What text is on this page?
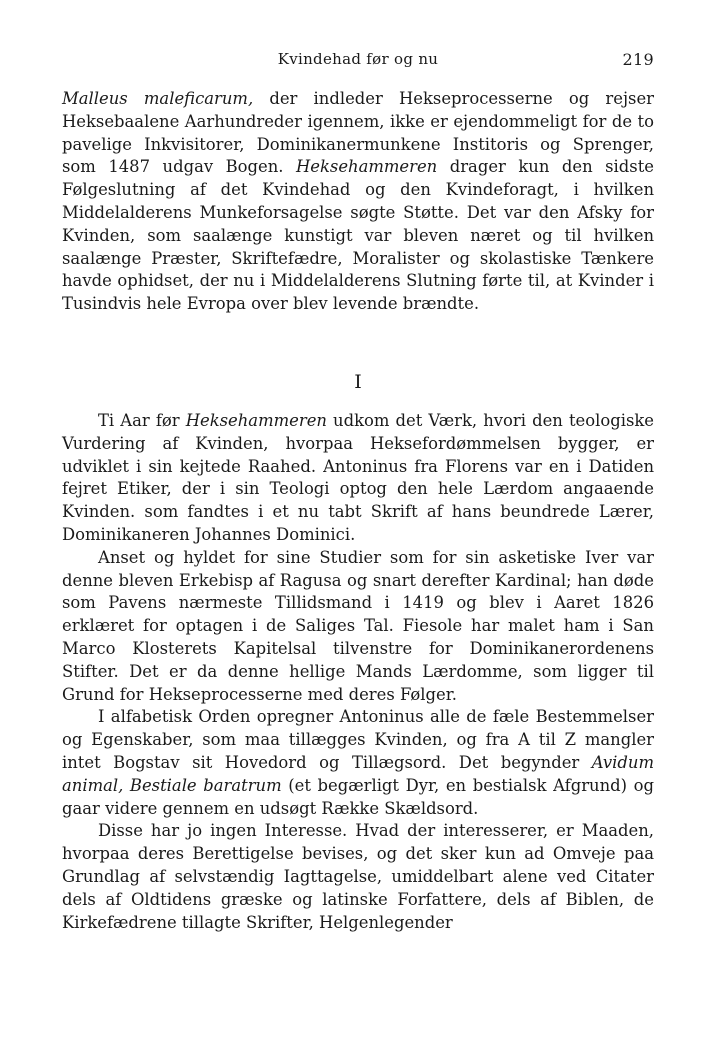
Kvindehad før og nu	219

Malleus maleficarum, der indleder Hekseprocesserne og rejser Heksebaalene Aarhundreder igennem, ikke er ejendommeligt for de to pavelige Inkvisitorer, Dominikanermunkene Institoris og Sprenger, som 1487 udgav Bogen. Heksehammeren drager kun den sidste Følgeslutning af det Kvindehad og den Kvindeforagt, i hvilken Middelalderens Munkeforsagelse søgte Støtte. Det var den Afsky for Kvinden, som saalænge kunstigt var bleven næret og til hvilken saalænge Præster, Skriftefædre, Moralister og skolastiske Tænkere havde ophidset, der nu i Middelalderens Slutning førte til, at Kvinder i Tusindvis hele Evropa over blev levende brændte.

I

Ti Aar før Heksehammeren udkom det Værk, hvori den teologiske Vurdering af Kvinden, hvorpaa Heksefordømmelsen bygger, er udviklet i sin kejtede Raahed. Antoninus fra Florens var en i Datiden fejret Etiker, der i sin Teologi optog den hele Lærdom angaaende Kvinden. som fandtes i et nu tabt Skrift af hans beundrede Lærer, Dominikaneren Johannes Dominici.

Anset og hyldet for sine Studier som for sin asketiske Iver var denne bleven Erkebisp af Ragusa og snart derefter Kardinal; han døde som Pavens nærmeste Tillidsmand i 1419 og blev i Aaret 1826 erklæret for optagen i de Saliges Tal. Fiesole har malet ham i San Marco Klosterets Kapitelsal tilvenstre for Dominikanerordenens Stifter. Det er da denne hellige Mands Lærdomme, som ligger til Grund for Hekseprocesserne med deres Følger.

I alfabetisk Orden opregner Antoninus alle de fæle Bestemmelser og Egenskaber, som maa tillægges Kvinden, og fra A til Z mangler intet Bogstav sit Hovedord og Tillægsord. Det begynder Avidum animal, Bestiale baratrum (et begærligt Dyr, en bestialsk Afgrund) og gaar videre gennem en udsøgt Række Skældsord.

Disse har jo ingen Interesse. Hvad der interesserer, er Maaden, hvorpaa deres Berettigelse bevises, og det sker kun ad Omveje paa Grundlag af selvstændig Iagttagelse, umiddelbart alene ved Citater dels af Oldtidens græske og latinske Forfattere, dels af Biblen, de Kirkefædrene tillagte Skrifter, Helgenlegender
